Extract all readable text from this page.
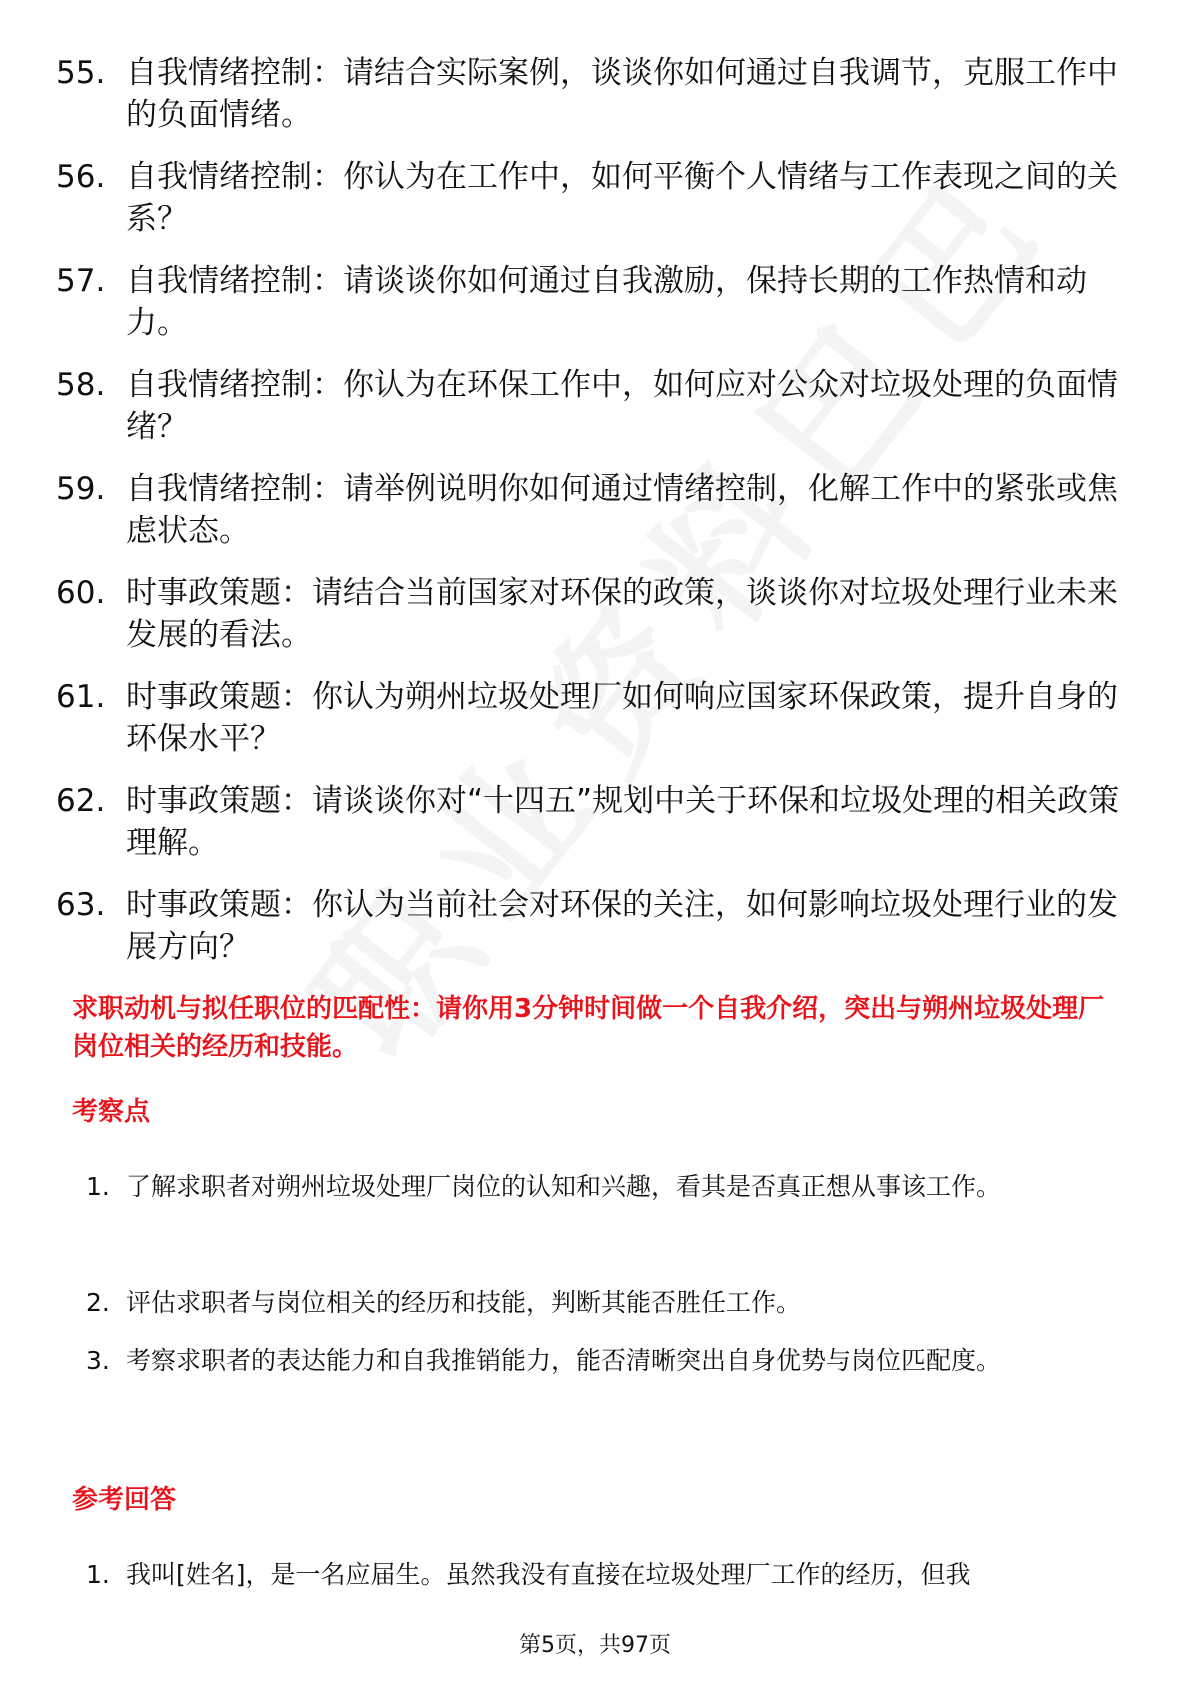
55. 自我情绪控制：请结合实际案例，谈谈你如何通过自我调节，克服工作中的负面情绪。
56. 自我情绪控制：你认为在工作中，如何平衡个人情绪与工作表现之间的关系？
57. 自我情绪控制：请谈谈你如何通过自我激励，保持长期的工作热情和动力。
58. 自我情绪控制：你认为在环保工作中，如何应对公众对垃圾处理的负面情绪？
59. 自我情绪控制：请举例说明你如何通过情绪控制，化解工作中的紧张或焦虑状态。
60. 时事政策题：请结合当前国家对环保的政策，谈谈你对垃圾处理行业未来发展的看法。
61. 时事政策题：你认为朔州垃圾处理厂如何响应国家环保政策，提升自身的环保水平？
62. 时事政策题：请谈谈你对“十四五”规划中关于环保和垃圾处理的相关政策理解。
63. 时事政策题：你认为当前社会对环保的关注，如何影响垃圾处理行业的发展方向？
求职动机与拟任职位的匹配性：请你用3分钟时间做一个自我介绍，突出与朔州垃圾处理厂岗位相关的经历和技能。
考察点
1. 了解求职者对朔州垃圾处理厂岗位的认知和兴趣，看其是否真正想从事该工作。
2. 评估求职者与岗位相关的经历和技能，判断其能否胜任工作。
3. 考察求职者的表达能力和自我推销能力，能否清晰突出自身优势与岗位匹配度。
参考回答
1. 我叫[姓名]，是一名应届生。虽然我没有直接在垃圾处理厂工作的经历，但我
第5页，共97页
